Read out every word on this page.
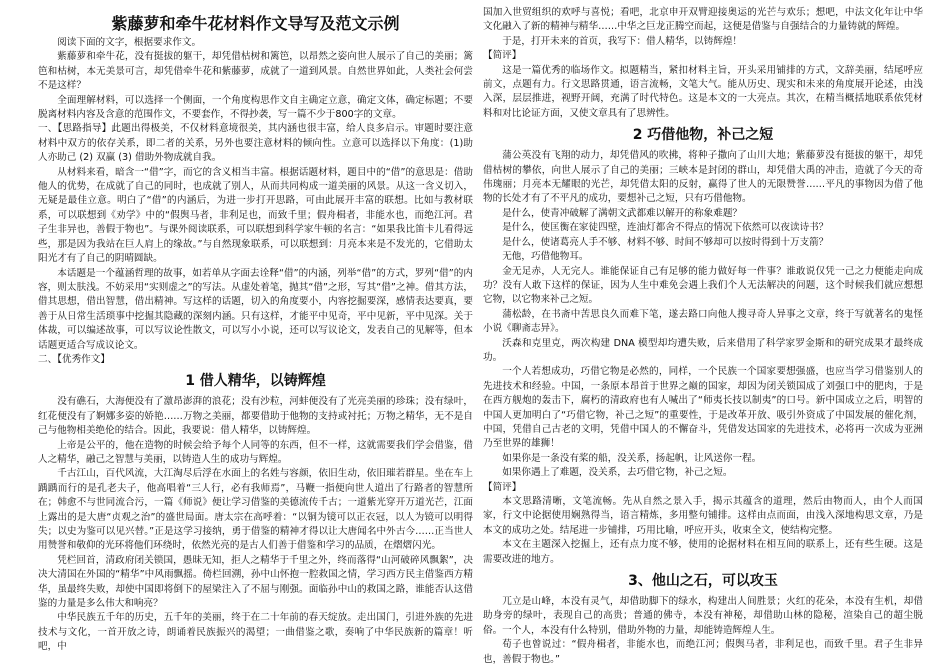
紫藤萝和牵牛花材料作文导写及范文示例

阅读下面的文字，根据要求作文。

紫藤萝和牵牛花，没有挺拔的躯干，却凭借枯树和篱笆，以昂然之姿向世人展示了自己的美丽；篱笆和枯树，本无美景可言，却凭借牵牛花和紫藤萝，成就了一道到风景。自然世界如此，人类社会何尝不是这样？

全面理解材料，可以选择一个侧面，一个角度构思作文自主确定立意，确定文体，确定标题；不要脱离材料内容及含意的范围作文，不要套作，不得抄袭，写一篇不少于800字的文章。

一、【思路指导】此题出得极美，不仅材料意境很美，其内涵也很丰富，给人良多启示。审题时要注意材料中双方的依存关系，即二者的关系，另外也要注意材料的倾向性。立意可以选择以下角度：(1)助人亦助己 (2) 双赢 (3) 借助外物成就自我。

从材料来看，暗含一“借”字，而它的含义相当丰富。根据话题材料，题目中的“借”的意思是：借助他人的优势，在成就了自己的同时，也成就了别人，从而共同构成一道美丽的风景。从这一含义切入，无疑是最佳立意。明白了“借”的内涵后，为进一步打开思路，可由此展开丰富的联想。比如与教材联系，可以联想到《劝学》中的“假舆马者，非利足也，而致千里；假舟楫者，非能水也，而绝江河。君子生非异也，善假于物也”。与课外阅读联系，可以联想到科学家牛顿的名言：“如果我比笛卡儿看得远些，那是因为我站在巨人肩上的缘故。”与自然现象联系，可以联想到：月亮本来是不发光的，它借助太阳光才有了自己的阴晴圆缺。

本话题是一个蕴涵哲理的故事，如若单从字面去诠释“借”的内涵，列举“借”的方式，罗列“借”的内容，则太肤浅。不妨采用“实则虚之”的写法。从虚处着笔，抛其“借”之形，写其“借”之神。借其方法，借其思想，借出智慧，借出精神。写这样的话题，切入的角度要小，内容挖掘要深，感情表达要真，要善于从日常生活琐事中挖掘其隐藏的深刻内涵。只有这样，才能平中见奇，平中见新，平中见深。关于体裁，可以编述故事，可以写议论性散文，可以写小小说，还可以写议论文，发表自己的见解等，但本话题更适合写成议论文。

二、【优秀作文】

1 借人精华，以铸辉煌

没有礁石，大海便没有了激昂澎湃的浪花；没有沙粒，河蚌便没有了光亮美丽的珍珠；没有绿叶，红花便没有了婀娜多姿的娇艳……万物之美丽，都要借助于他物的支持或衬托；万物之精华，无不是自己与他物相美绝伦的结合。因此，我要说：借人精华，以铸辉煌。

上帝是公平的，他在造物的时候会给予每个人同等的东西，但不一样，这就需要我们学会借鉴，借人之精华，融己之智慧与美丽，以铸造人生的成功与辉煌。

千古江山，百代风流，大江淘尽后浮在水面上的名姓与容颜，依旧生动，依旧璀若群星。坐在车上踽踽而行的是孔老夫子，他高唱着“三人行，必有我师焉”，马鞭一指便向世人道出了行路者的智慧所在；韩愈不与世同流合污，一篇《师说》便让学习借鉴的美德流传千古；一道紫光穿开万道光芒，江面上露出的是大唐“贞观之治”的盛世局面。唐太宗在高呼着：“以铜为镜可以正衣冠，以人为镜可以明得失；以史为鉴可以见兴替。”正是这学习接纳，勇于借鉴的精神才得以让大唐闻名中外古今……正当世人用赞誉和敬仰的光环将他们环绕时，依然光亮的是古人们善于借鉴和学习的品质，在熠熠闪光。

凭栏回首，清政府闭关锁国，愚昧无知，拒人之精华于千里之外，终而落得“山河破碎风飘絮”，决决大清国在外国的“精华”中风雨飘摇。倚栏回溯，孙中山怀抱一腔救国之情，学习西方民主借鉴西方精华，虽最终失败，却使中国即将倒下的屋梁注入了不屈与刚强。面临孙中山的救国之路，谁能否认这借鉴的力量是多么伟大和响亮？

中华民族五千年的历史，五千年的美丽，终于在二十年前的春天绽放。走出国门，引进外族的先进技术与文化，一首开放之诗，朗诵着民族振兴的渴望；一曲借鉴之歌，奏响了中华民族新的篇章！听吧，中

国加入世贸组织的欢呼与喜悦；看吧，北京申开双臂迎接奥运的光芒与欢乐；想吧，中法文化年让中华文化融入了新的精神与精华……中华之巨龙正腾空而起，这便是借鉴与自强结合的力量铸就的辉煌。

于是，打开未来的首页，我写下：借人精华，以铸辉煌！

【简评】

这是一篇优秀的临场作文。拟题精当，紧扣材料主旨，开头采用铺排的方式，文辞美丽，结尾呼应前文，点题有力。行文思路贯通，语言流畅，文笔大气。能从历史、现实和未来的角度展开论述，由浅入深，层层推进，视野开阔，充满了时代特色。这是本文的一大亮点。其次，在精当概括地联系依凭材料和对比论证方面，又使文章具有了思辨性。

2 巧借他物，补己之短

蒲公英没有飞翔的动力，却凭借风的吹拂，将种子撒向了山川大地；紫藤萝没有挺拔的躯干，却凭借枯树的攀依，向世人展示了自己的美丽；三峡本是封闭的群山，却凭借大禹的冲击，造就了今天的奇伟瑰丽；月亮本无耀眼的光芒，却凭借太阳的反射，赢得了世人的无限赞誉……平凡的事物因为借了他物的长处才有了不平凡的成功，要想补己之短，只有巧借他物。

是什么，使青冲破解了满朝文武都难以解开的称象难题？

是什么，使匡衡在家徒四壁，连油灯都舍不得点的情况下依然可以夜读诗书？

是什么，使诸葛亮人手不够、材料不够、时间不够却可以按时得到十万支箭？

无他，巧借他物耳。

金无足赤，人无完人。谁能保证自己有足够的能力做好每一件事？谁敢说仅凭一己之力便能走向成功？没有人敢下这样的保证，因为人生中难免会遇上我们个人无法解决的问题，这个时候我们就应想想它物，以它物来补己之短。

蒲松龄，在书斋中苦思良久而难下笔，遂去路口向他人搜寻奇人异事之文章，终于写就著名的鬼怪小说《聊斋志异》。

沃森和克里克，两次构建 DNA 模型却均遭失败，后来借用了科学家罗金斯和的研究成果才最终成功。

一个人若想成功，巧借它物是必然的，同样，一个民族一个国家要想强盛，也应当学习借鉴别人的先进技术和经验。中国，一条原本昂首于世界之巅的国家，却因为闭关锁国成了刘强口中的肥肉，于是在西方舰炮的轰击下，腐朽的清政府也有人喊出了“师夷长技以制夷”的口号。新中国成立之后，明智的中国人更加明白了“巧借它物，补己之短”的重要性，于是改革开放、吸引外资成了中国发展的催化剂，中国，凭借自己古老的文明，凭借中国人的不懈奋斗，凭借发达国家的先进技术，必将再一次成为亚洲乃至世界的雄狮！

如果你是一条没有桨的船，没关系，扬起帆，让风送你一程。

如果你遇上了难题，没关系，去巧借它物，补己之短。

【简评】

本文思路清晰，文笔流畅。先从自然之景入手，揭示其蕴含的道理，然后由物而人，由个人而国家，行文中论据使用娴熟得当，语言精炼，多用整句铺排。这样由点而面，由浅入深地构思文章，乃是本文的成功之处。结尾进一步铺排，巧用比喻，呼应开头，收束全文，使结构完整。

本文在主题深入挖掘上，还有点力度不够，使用的论据材料在相互间的联系上，还有些生硬。这是需要改进的地方。

3、他山之石，可以攻玉

兀立是山峰，本没有灵气，却借助脚下的绿水，构建出人间胜景；火红的花朵，本没有生机，却借助身旁的绿叶，表现自己的高贵；普通的佛寺，本没有神秘，却借助山林的隐秘，渲染自己的超尘脱俗。一个人，本没有什么特别，借助外物的力量，却能铸造辉煌人生。

荀子也曾说过：“假舟楫者，非能水也，而绝江河；假舆马者，非利足也，而致千里。君子生非异也，善假于物也。”
